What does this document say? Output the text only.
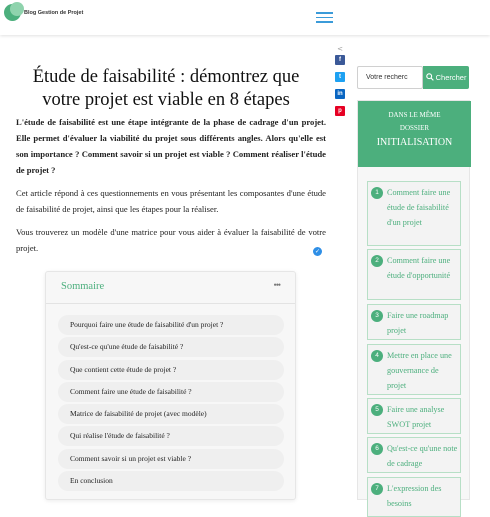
Blog Gestion de Projet
Étude de faisabilité : démontrez que votre projet est viable en 8 étapes
<
f
t
in
p

L'étude de faisabilité est une étape intégrante de la phase de cadrage d'un projet. Elle permet d'évaluer la viabilité du projet sous différents angles. Alors qu'elle est son importance ? Comment savoir si un projet est viable ? Comment réaliser l'étude de projet ?

Cet article répond à ces questionnements en vous présentant les composantes d'une étude de faisabilité de projet, ainsi que les étapes pour la réaliser.

Vous trouverez un modèle d'une matrice pour vous aider à évaluer la faisabilité de votre projet.	✓
Sommaire	•••
Pourquoi faire une étude de faisabilité d'un projet ?
Qu'est-ce qu'une étude de faisabilité ?
Que contient cette étude de projet ?
Comment faire une étude de faisabilité ?
Matrice de faisabilité de projet (avec modèle)
Qui réalise l'étude de faisabilité ?
Comment savoir si un projet est viable ?
En conclusion
Votre recherc
Chercher
DANS LE MÊME
DOSSIER
INITIALISATION
1 Comment faire une étude de faisabilité d'un projet
2 Comment faire une étude d'opportunité
3 Faire une roadmap projet
4 Mettre en place une gouvernance de projet
5 Faire une analyse SWOT projet
6 Qu'est-ce qu'une note de cadrage
7 L'expression des besoins
